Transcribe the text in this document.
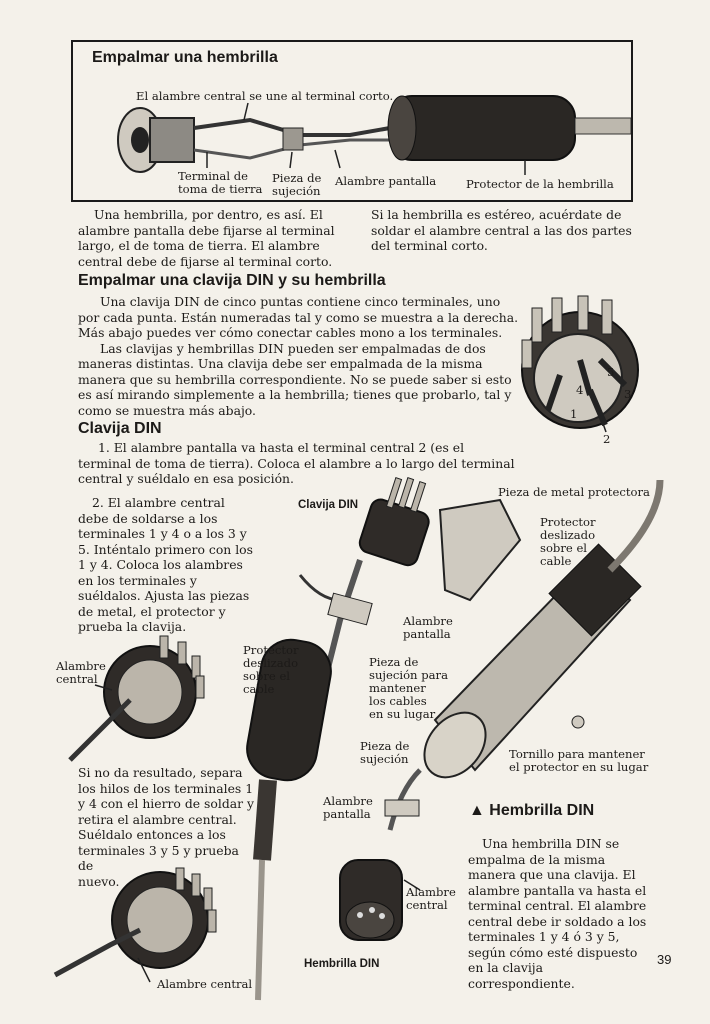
Empalmar una hembrilla
El alambre central se une al terminal corto.
Terminal de
toma de tierra
Pieza de
sujeción
Alambre pantalla	Protector de la hembrilla
Una hembrilla, por dentro, es así. El
alambre pantalla debe fijarse al terminal
largo, el de toma de tierra. El alambre
central debe de fijarse al terminal corto.
Si la hembrilla es estéreo, acuérdate de
soldar el alambre central a las dos partes
del terminal corto.
Empalmar una clavija DIN y su hembrilla
Una clavija DIN de cinco puntas contiene cinco terminales, uno
por cada punta. Están numeradas tal y como se muestra a la derecha.
Más abajo puedes ver cómo conectar cables mono a los terminales.
Las clavijas y hembrillas DIN pueden ser empalmadas de dos
maneras distintas. Una clavija debe ser empalmada de la misma
manera que su hembrilla correspondiente. No se puede saber si esto
es así mirando simplemente a la hembrilla; tienes que probarlo, tal y
como se muestra más abajo.	1
2
3
4
5
Clavija DIN
1. El alambre pantalla va hasta el terminal central 2 (es el
terminal de toma de tierra). Coloca el alambre a lo largo del terminal
central y suéldalo en esa posición.
2. El alambre central
debe de soldarse a los
terminales 1 y 4 o a los 3 y
5. Inténtalo primero con los
1 y 4. Coloca los alambres
en los terminales y
suéldalos. Ajusta las piezas
de metal, el protector y
prueba la clavija.
Si no da resultado, separa
los hilos de los terminales 1
y 4 con el hierro de soldar y
retira el alambre central.
Suéldalo entonces a los
terminales 3 y 5 y prueba de
nuevo.
Clavija DIN
Pieza de metal protectora
Protector
deslizado
sobre el
cable
Alambre
pantalla
Protector
deslizado
sobre el
cable
Pieza de
sujeción para
mantener
los cables
en su lugar
Alambre
central
Tornillo para mantener
el protector en su lugar
Pieza de
sujeción
Alambre
pantalla
Alambre
central
Hembrilla DIN
Alambre central
▲ Hembrilla DIN
Una hembrilla DIN se
empalma de la misma
manera que una clavija. El
alambre pantalla va hasta el
terminal central. El alambre
central debe ir soldado a los
terminales 1 y 4 ó 3 y 5,
según cómo esté dispuesto
en la clavija
correspondiente.
39
